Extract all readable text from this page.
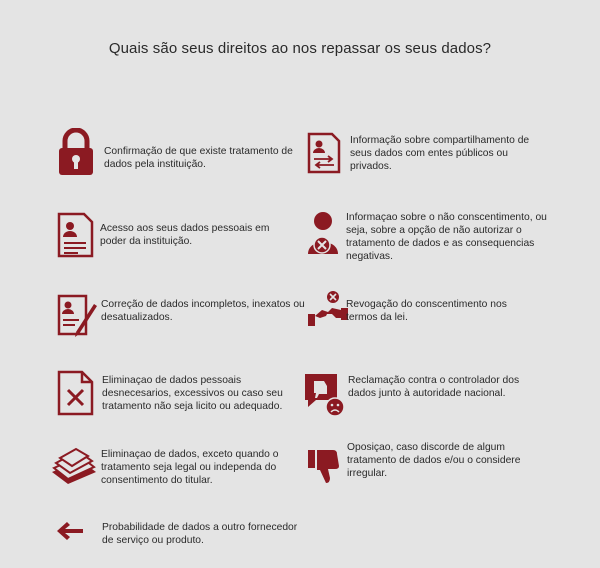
Quais são seus direitos ao nos repassar os seus dados?
Confirmação de que existe tratamento de dados pela instituição.
Acesso aos seus dados pessoais em poder da instituição.
Correção de dados incompletos, inexatos ou desatualizados.
Eliminaçao de dados pessoais desnecesarios, excessivos ou caso seu tratamento não seja licito ou adequado.
Eliminaçao de dados, exceto quando o tratamento seja legal ou independa do consentimento do titular.
Probabilidade de dados a outro fornecedor de serviço ou produto.
Informação sobre compartilhamento de seus dados com entes públicos ou privados.
Informaçao sobre o não conscentimento, ou seja, sobre a opção de não autorizar o tratamento de dados e as consequencias negativas.
Revogação do conscentimento nos termos da lei.
Reclamação contra o controlador dos dados junto à autoridade nacional.
Oposiçao, caso discorde de algum tratamento de dados e/ou o considere irregular.
